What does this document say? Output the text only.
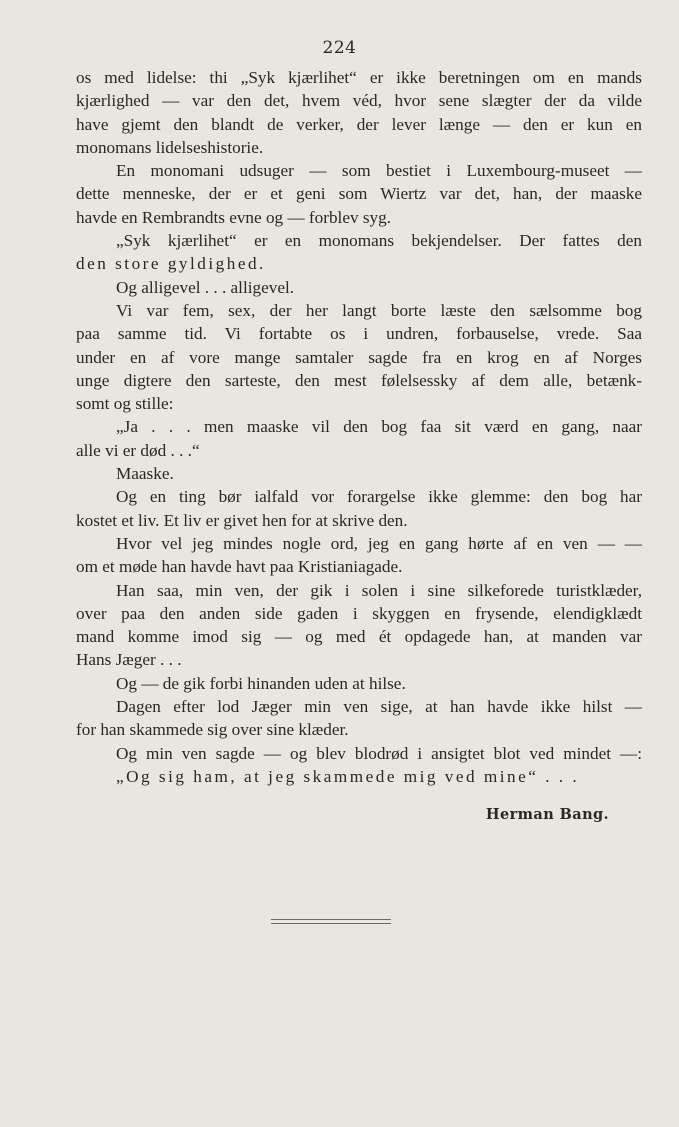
224
os med lidelse: thi „Syk kjærlihet“ er ikke beretningen om en mands
kjærlighed — var den det, hvem véd, hvor sene slægter der da vilde
have gjemt den blandt de verker, der lever længe — den er kun en
monomans lidelseshistorie.
En monomani udsuger — som bestiet i Luxembourg-museet —
dette menneske, der er et geni som Wiertz var det, han, der maaske
havde en Rembrandts evne og — forblev syg.
„Syk kjærlihet“ er en monomans bekjendelser. Der fattes den
den store gyldighed.
Og alligevel . . . alligevel.
Vi var fem, sex, der her langt borte læste den sælsomme bog
paa samme tid. Vi fortabte os i undren, forbauselse, vrede. Saa
under en af vore mange samtaler sagde fra en krog en af Norges
unge digtere den sarteste, den mest følelsessky af dem alle, betænk-
somt og stille:
„Ja . . . men maaske vil den bog faa sit værd en gang, naar
alle vi er død . . .“
Maaske.
Og en ting bør ialfald vor forargelse ikke glemme: den bog har
kostet et liv. Et liv er givet hen for at skrive den.
Hvor vel jeg mindes nogle ord, jeg en gang hørte af en ven — —
om et møde han havde havt paa Kristianiagade.
Han saa, min ven, der gik i solen i sine silkeforede turistklæder,
over paa den anden side gaden i skyggen en frysende, elendigklædt
mand komme imod sig — og med ét opdagede han, at manden var
Hans Jæger . . .
Og — de gik forbi hinanden uden at hilse.
Dagen efter lod Jæger min ven sige, at han havde ikke hilst —
for han skammede sig over sine klæder.
Og min ven sagde — og blev blodrød i ansigtet blot ved mindet —:
„Og sig ham, at jeg skammede mig ved mine“ . . .
Herman Bang.
